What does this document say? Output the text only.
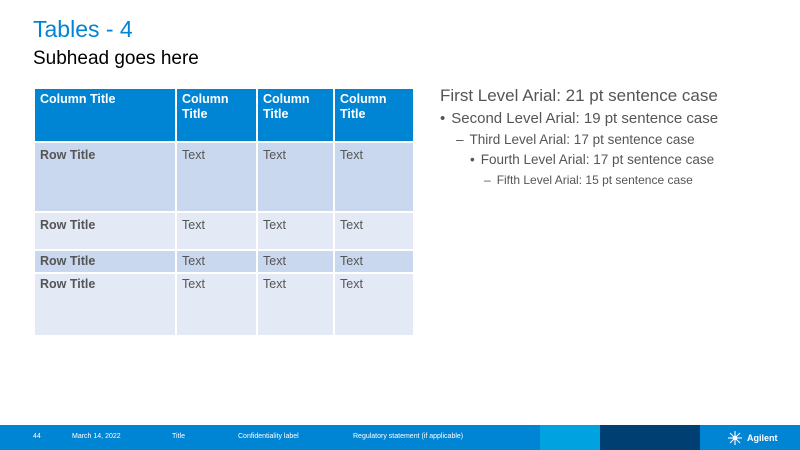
Tables - 4
Subhead goes here
Column Title	Column Title	Column Title	Column Title
Row Title	Text	Text	Text
Row Title	Text	Text	Text
Row Title	Text	Text	Text
Row Title	Text	Text	Text
First Level Arial: 21 pt sentence case
• Second Level Arial: 19 pt sentence case
– Third Level Arial: 17 pt sentence case
• Fourth Level Arial: 17 pt sentence case
– Fifth Level Arial: 15 pt sentence case
44	March 14, 2022	Title	Confidentiality label	Regulatory statement (if applicable)	Agilent
